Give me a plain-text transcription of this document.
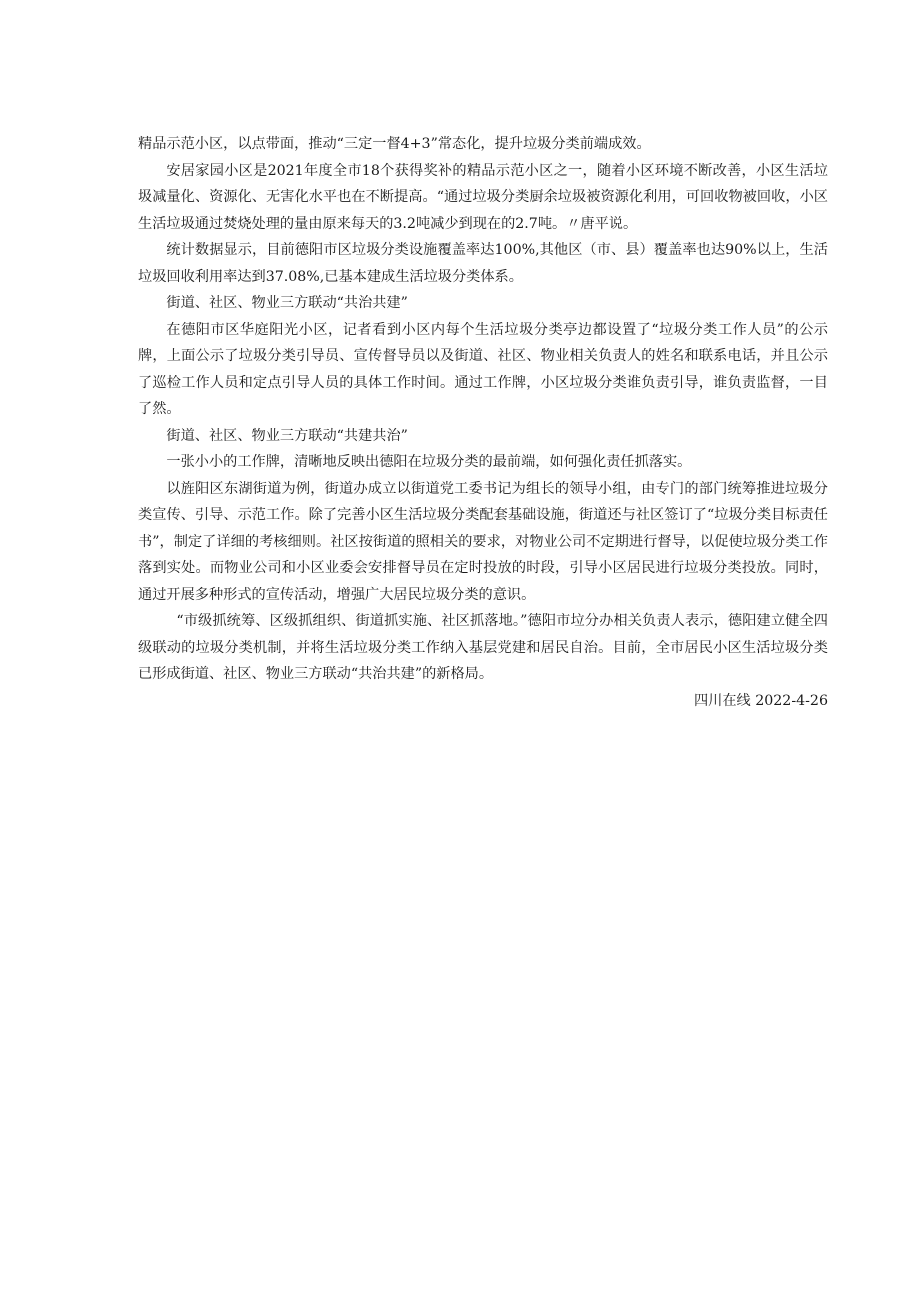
精品示范小区，以点带面，推动“三定一督4+3”常态化，提升垃圾分类前端成效。

安居家园小区是2021年度全市18个获得奖补的精品示范小区之一，随着小区环境不断改善，小区生活垃圾减量化、资源化、无害化水平也在不断提高。“通过垃圾分类厨余垃圾被资源化利用，可回收物被回收，小区生活垃圾通过焚烧处理的量由原来每天的3.2吨减少到现在的2.7吨。〃唐平说。

统计数据显示，目前德阳市区垃圾分类设施覆盖率达100%,其他区（市、县）覆盖率也达90%以上，生活垃圾回收利用率达到37.08%,已基本建成生活垃圾分类体系。

街道、社区、物业三方联动“共治共建”

在德阳市区华庭阳光小区，记者看到小区内每个生活垃圾分类亭边都设置了“垃圾分类工作人员”的公示牌，上面公示了垃圾分类引导员、宣传督导员以及街道、社区、物业相关负责人的姓名和联系电话，并且公示了巡检工作人员和定点引导人员的具体工作时间。通过工作牌，小区垃圾分类谁负责引导，谁负责监督，一目了然。

街道、社区、物业三方联动“共建共治”

一张小小的工作牌，清晰地反映出德阳在垃圾分类的最前端，如何强化责任抓落实。

以旌阳区东湖街道为例，街道办成立以街道党工委书记为组长的领导小组，由专门的部门统筹推进垃圾分类宣传、引导、示范工作。除了完善小区生活垃圾分类配套基础设施，街道还与社区签订了“垃圾分类目标责任书”，制定了详细的考核细则。社区按街道的照相关的要求，对物业公司不定期进行督导，以促使垃圾分类工作落到实处。而物业公司和小区业委会安排督导员在定时投放的时段，引导小区居民进行垃圾分类投放。同时，通过开展多种形式的宣传活动，增强广大居民垃圾分类的意识。

“市级抓统筹、区级抓组织、街道抓实施、社区抓落地。”德阳市垃分办相关负责人表示，德阳建立健全四级联动的垃圾分类机制，并将生活垃圾分类工作纳入基层党建和居民自治。目前，全市居民小区生活垃圾分类已形成街道、社区、物业三方联动“共治共建”的新格局。

四川在线 2022-4-26
